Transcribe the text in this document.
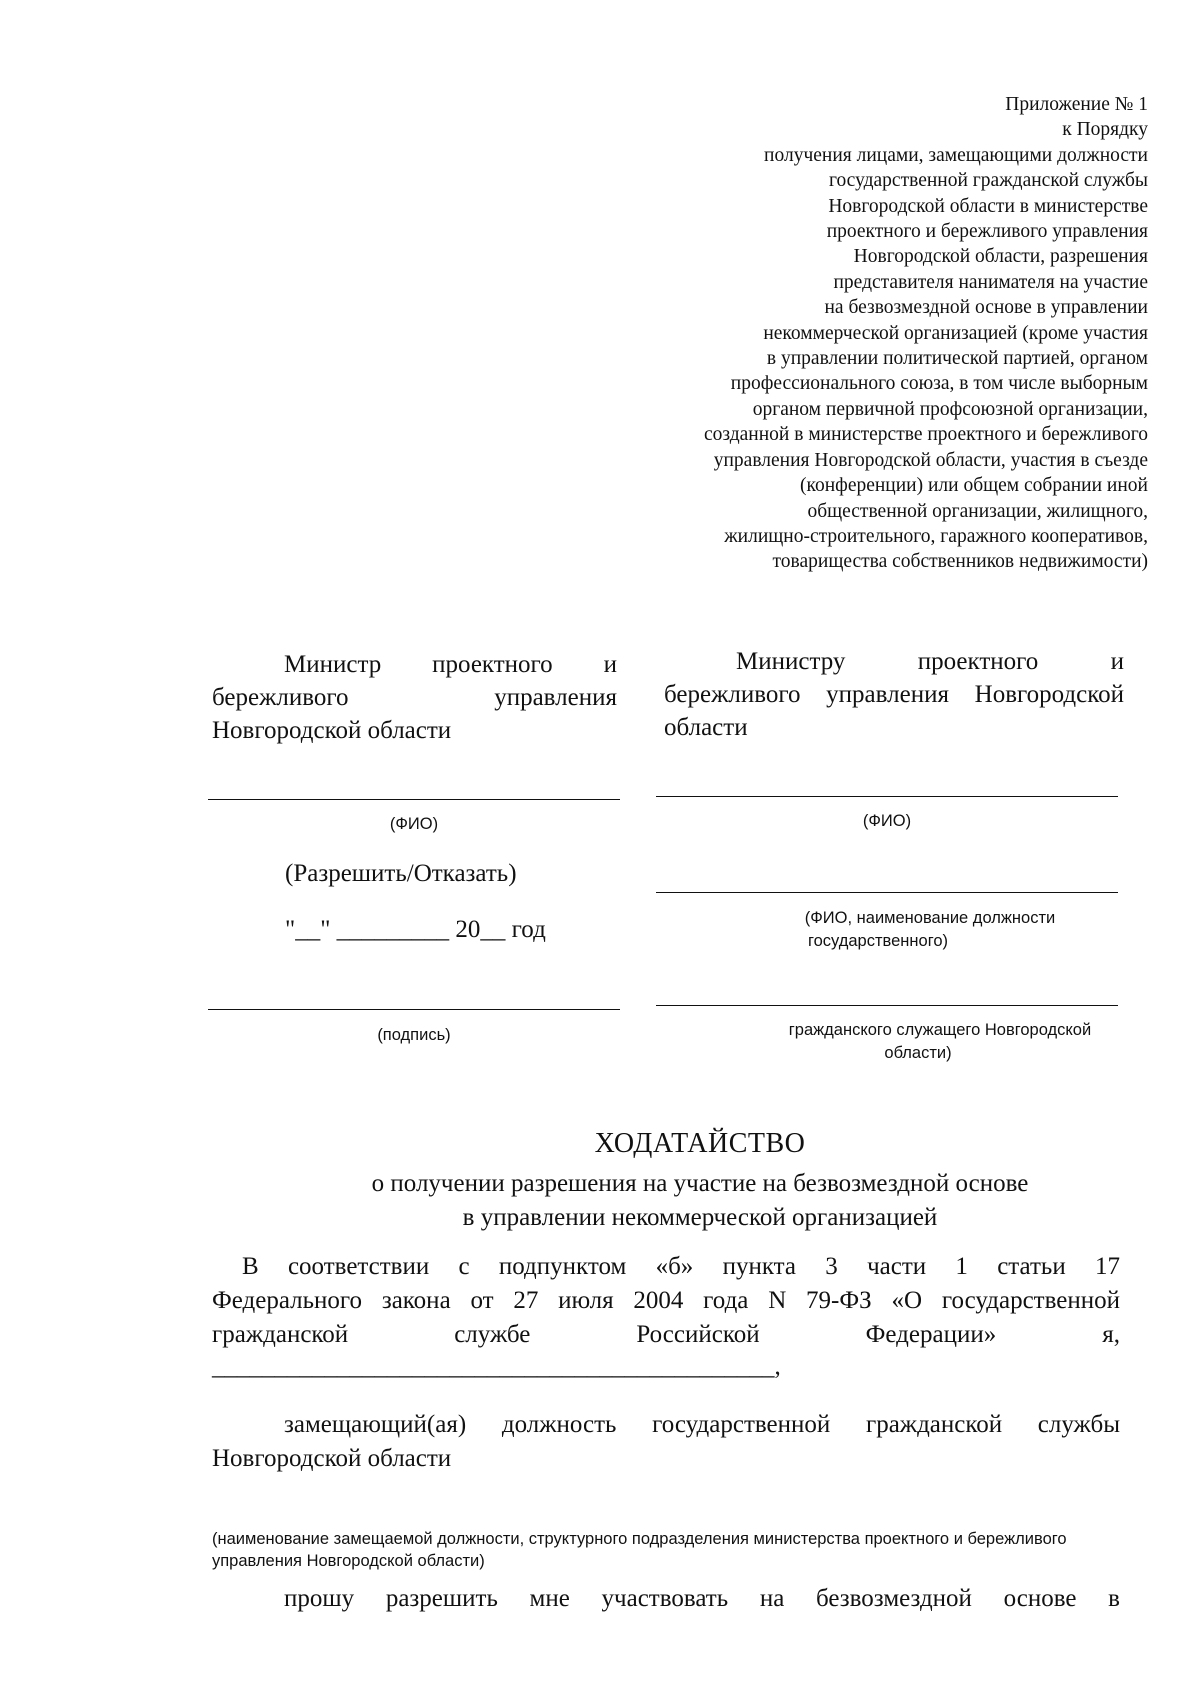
Приложение № 1
к Порядку
получения лицами, замещающими должности
государственной гражданской службы
Новгородской области в министерстве
проектного и бережливого управления
Новгородской области, разрешения
представителя нанимателя на участие
на безвозмездной основе в управлении
некоммерческой организацией (кроме участия
в управлении политической партией, органом
профессионального союза, в том числе выборным
органом первичной профсоюзной организации,
созданной в министерстве проектного и бережливого
управления Новгородской области, участия в съезде
(конференции) или общем собрании иной
общественной организации, жилищного,
жилищно-строительного, гаражного кооперативов,
товарищества собственников недвижимости)

Министр проектного и бережливого управления Новгородской области

(ФИО)
(Разрешить/Отказать)
"__" _________ 20__ год
(подпись)

Министру проектного и бережливого управления Новгородской области

(ФИО)
(ФИО, наименование должности
государственного)
гражданского служащего Новгородской
области)
ХОДАТАЙСТВО
о получении разрешения на участие на безвозмездной основе
в управлении некоммерческой организацией

В соответствии с подпунктом «б» пункта 3 части 1 статьи 17

Федерального закона от 27 июля 2004 года N 79-ФЗ «О государственной

гражданской службе Российской Федерации» я,

_____________________________________________,

замещающий(ая) должность государственной гражданской службы

Новгородской области

(наименование замещаемой должности, структурного подразделения министерства проектного и бережливого управления Новгородской области)

прошу разрешить мне участвовать на безвозмездной основе в
